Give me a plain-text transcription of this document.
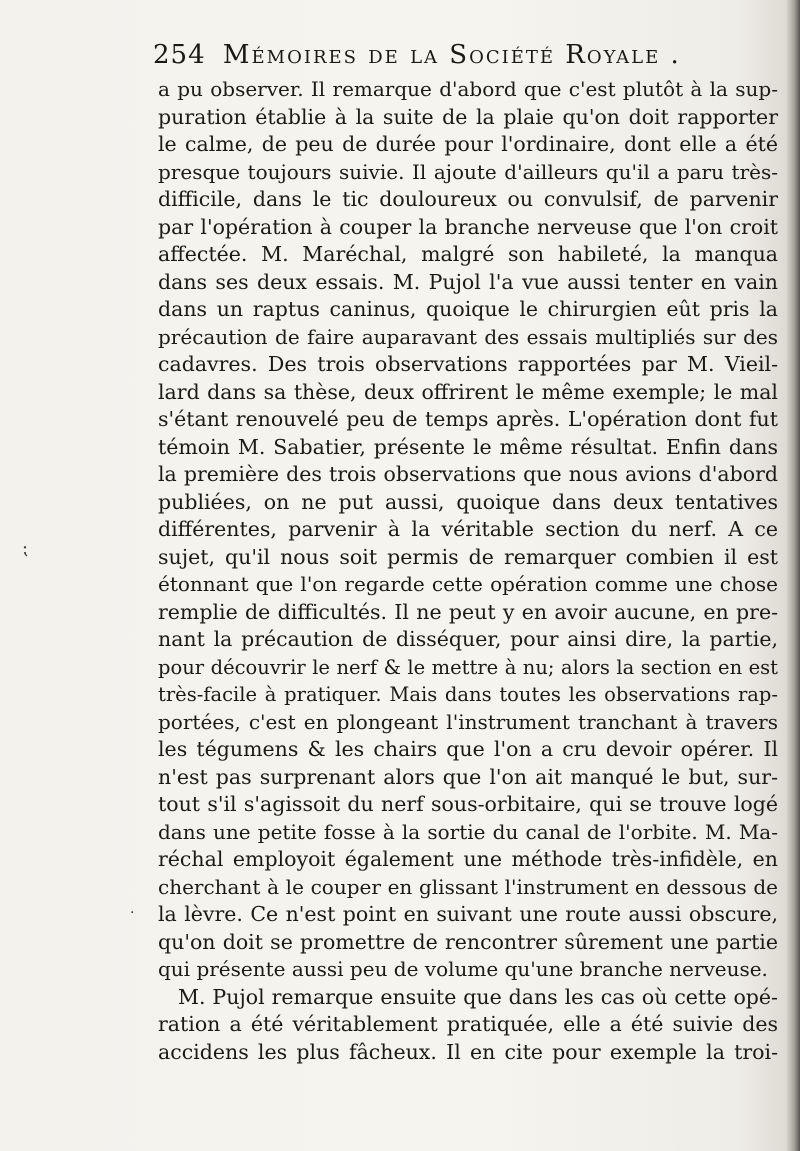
254 Mémoires de la Société Royale .
⁏
·
a pu observer. Il remarque d'abord que c'est plutôt à la sup-
puration établie à la suite de la plaie qu'on doit rapporter
le calme, de peu de durée pour l'ordinaire, dont elle a été
presque toujours suivie. Il ajoute d'ailleurs qu'il a paru très-
difficile, dans le tic douloureux ou convulsif, de parvenir
par l'opération à couper la branche nerveuse que l'on croit
affectée. M. Maréchal, malgré son habileté, la manqua
dans ses deux essais. M. Pujol l'a vue aussi tenter en vain
dans un raptus caninus, quoique le chirurgien eût pris la
précaution de faire auparavant des essais multipliés sur des
cadavres. Des trois observations rapportées par M. Vieil-
lard dans sa thèse, deux offrirent le même exemple; le mal
s'étant renouvelé peu de temps après. L'opération dont fut
témoin M. Sabatier, présente le même résultat. Enfin dans
la première des trois observations que nous avions d'abord
publiées, on ne put aussi, quoique dans deux tentatives
différentes, parvenir à la véritable section du nerf. A ce
sujet, qu'il nous soit permis de remarquer combien il est
étonnant que l'on regarde cette opération comme une chose
remplie de difficultés. Il ne peut y en avoir aucune, en pre-
nant la précaution de disséquer, pour ainsi dire, la partie,
pour découvrir le nerf & le mettre à nu; alors la section en est
très-facile à pratiquer. Mais dans toutes les observations rap-
portées, c'est en plongeant l'instrument tranchant à travers
les tégumens & les chairs que l'on a cru devoir opérer. Il
n'est pas surprenant alors que l'on ait manqué le but, sur-
tout s'il s'agissoit du nerf sous-orbitaire, qui se trouve logé
dans une petite fosse à la sortie du canal de l'orbite. M. Ma-
réchal employoit également une méthode très-infidèle, en
cherchant à le couper en glissant l'instrument en dessous de
la lèvre. Ce n'est point en suivant une route aussi obscure,
qu'on doit se promettre de rencontrer sûrement une partie
qui présente aussi peu de volume qu'une branche nerveuse.
M. Pujol remarque ensuite que dans les cas où cette opé-
ration a été véritablement pratiquée, elle a été suivie des
accidens les plus fâcheux. Il en cite pour exemple la troi-
